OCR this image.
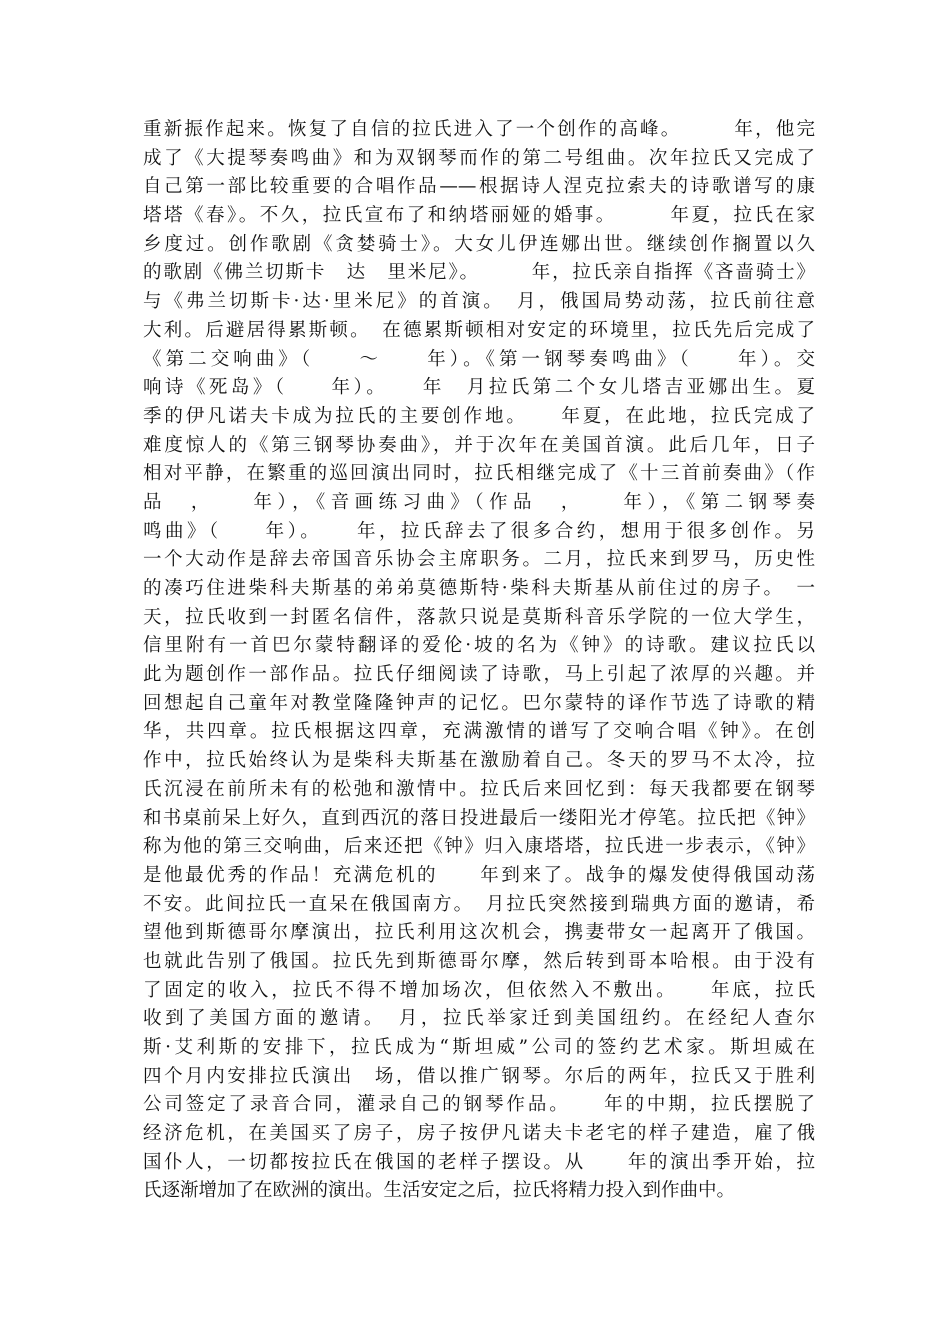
重新振作起来。恢复了自信的拉氏进入了一个创作的高峰。　　　年，他完
成了《大提琴奏鸣曲》和为双钢琴而作的第二号组曲。次年拉氏又完成了
自己第一部比较重要的合唱作品——根据诗人涅克拉索夫的诗歌谱写的康
塔塔《春》。不久，拉氏宣布了和纳塔丽娅的婚事。　　　年夏，拉氏在家
乡度过。创作歌剧《贪婪骑士》。大女儿伊连娜出世。继续创作搁置以久
的歌剧《佛兰切斯卡　达　里米尼》。　　　年，拉氏亲自指挥《吝啬骑士》
与《弗兰切斯卡·达·里米尼》的首演。　月，俄国局势动荡，拉氏前往意
大利。后避居得累斯顿。　在德累斯顿相对安定的环境里，拉氏先后完成了
《第二交响曲》（　　～　　年）。《第一钢琴奏鸣曲》（　　年）。交
响诗《死岛》（　　年）。　　年　月拉氏第二个女儿塔吉亚娜出生。夏
季的伊凡诺夫卡成为拉氏的主要创作地。　　年夏，在此地，拉氏完成了
难度惊人的《第三钢琴协奏曲》，并于次年在美国首演。此后几年，日子
相对平静，在繁重的巡回演出同时，拉氏相继完成了《十三首前奏曲》（作
品　，　　年），《音画练习曲》（作品　，　　年），《第二钢琴奏
鸣曲》（　　年）。　　年，拉氏辞去了很多合约，想用于很多创作。另
一个大动作是辞去帝国音乐协会主席职务。二月，拉氏来到罗马，历史性
的凑巧住进柴科夫斯基的弟弟莫德斯特·柴科夫斯基从前住过的房子。　一
天，拉氏收到一封匿名信件，落款只说是莫斯科音乐学院的一位大学生，
信里附有一首巴尔蒙特翻译的爱伦·坡的名为《钟》的诗歌。建议拉氏以
此为题创作一部作品。拉氏仔细阅读了诗歌，马上引起了浓厚的兴趣。并
回想起自己童年对教堂隆隆钟声的记忆。巴尔蒙特的译作节选了诗歌的精
华，共四章。拉氏根据这四章，充满激情的谱写了交响合唱《钟》。在创
作中，拉氏始终认为是柴科夫斯基在激励着自己。冬天的罗马不太冷，拉
氏沉浸在前所未有的松弛和激情中。拉氏后来回忆到：每天我都要在钢琴
和书桌前呆上好久，直到西沉的落日投进最后一缕阳光才停笔。拉氏把《钟》
称为他的第三交响曲，后来还把《钟》归入康塔塔，拉氏进一步表示，《钟》
是他最优秀的作品！充满危机的　　年到来了。战争的爆发使得俄国动荡
不安。此间拉氏一直呆在俄国南方。　月拉氏突然接到瑞典方面的邀请，希
望他到斯德哥尔摩演出，拉氏利用这次机会，携妻带女一起离开了俄国。
也就此告别了俄国。拉氏先到斯德哥尔摩，然后转到哥本哈根。由于没有
了固定的收入，拉氏不得不增加场次，但依然入不敷出。　　年底，拉氏
收到了美国方面的邀请。　月，拉氏举家迁到美国纽约。在经纪人查尔
斯·艾利斯的安排下，拉氏成为“斯坦威”公司的签约艺术家。斯坦威在
四个月内安排拉氏演出　场，借以推广钢琴。尔后的两年，拉氏又于胜利
公司签定了录音合同，灌录自己的钢琴作品。　　年的中期，拉氏摆脱了
经济危机，在美国买了房子，房子按伊凡诺夫卡老宅的样子建造，雇了俄
国仆人，一切都按拉氏在俄国的老样子摆设。从　　年的演出季开始，拉
氏逐渐增加了在欧洲的演出。生活安定之后，拉氏将精力投入到作曲中。
